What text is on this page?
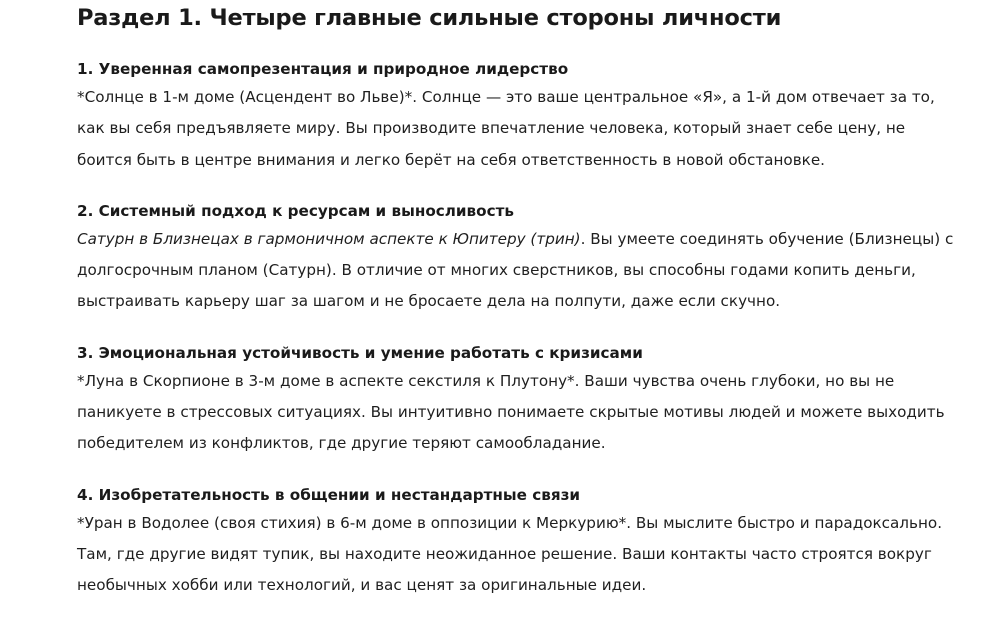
Раздел 1. Четыре главные сильные стороны личности
1. Уверенная самопрезентация и природное лидерство

*Солнце в 1-м доме (Асцендент во Льве)*. Солнце — это ваше центральное «Я», а 1-й дом отвечает за то, как вы себя предъявляете миру. Вы производите впечатление человека, который знает себе цену, не боится быть в центре внимания и легко берёт на себя ответственность в новой обстановке.

2. Системный подход к ресурсам и выносливость

Сатурн в Близнецах в гармоничном аспекте к Юпитеру (трин). Вы умеете соединять обучение (Близнецы) с долгосрочным планом (Сатурн). В отличие от многих сверстников, вы способны годами копить деньги, выстраивать карьеру шаг за шагом и не бросаете дела на полпути, даже если скучно.

3. Эмоциональная устойчивость и умение работать с кризисами

*Луна в Скорпионе в 3-м доме в аспекте секстиля к Плутону*. Ваши чувства очень глубоки, но вы не паникуете в стрессовых ситуациях. Вы интуитивно понимаете скрытые мотивы людей и можете выходить победителем из конфликтов, где другие теряют самообладание.

4. Изобретательность в общении и нестандартные связи

*Уран в Водолее (своя стихия) в 6-м доме в оппозиции к Меркурию*. Вы мыслите быстро и парадоксально. Там, где другие видят тупик, вы находите неожиданное решение. Ваши контакты часто строятся вокруг необычных хобби или технологий, и вас ценят за оригинальные идеи.
